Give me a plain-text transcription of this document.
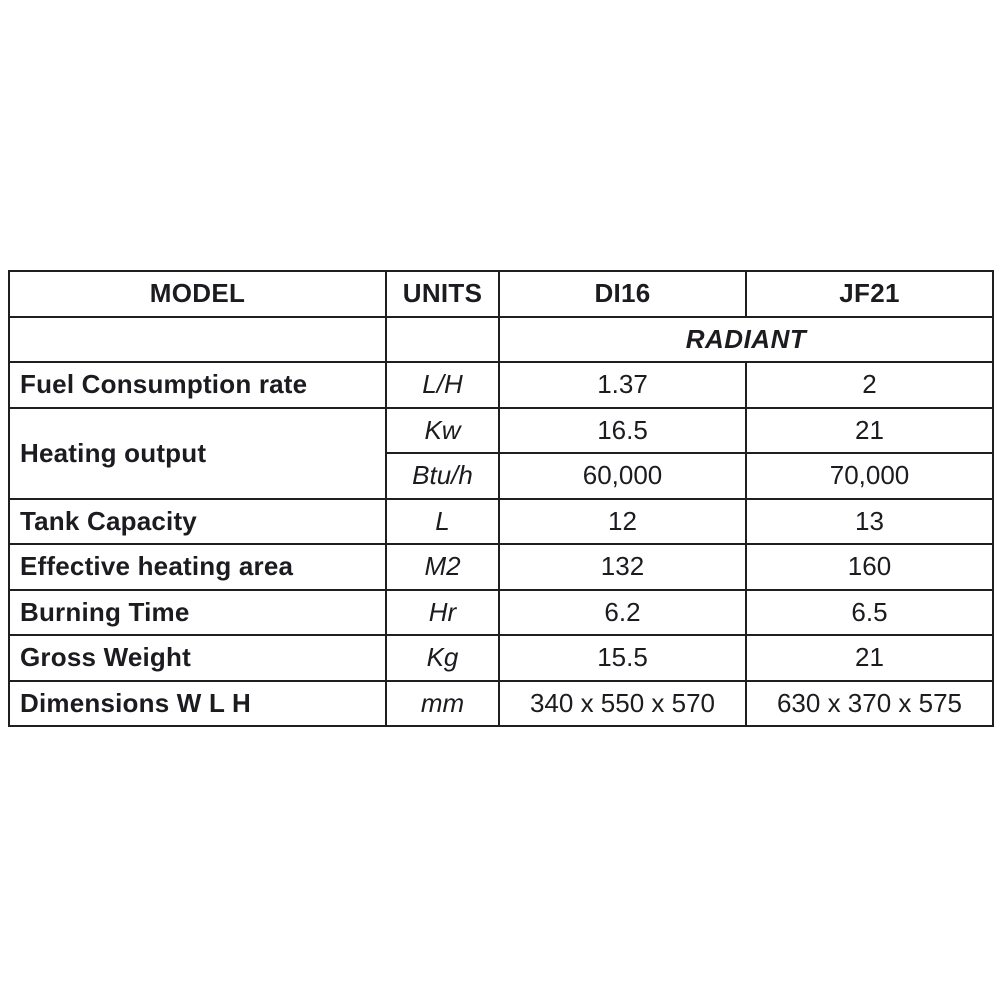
MODEL	UNITS	DI16	JF21
		RADIANT	
Fuel Consumption rate	L/H	1.37	2
Heating output	Kw	16.5	21
	Btu/h	60,000	70,000
Tank Capacity	L	12	13
Effective heating area	M2	132	160
Burning Time	Hr	6.2	6.5
Gross Weight	Kg	15.5	21
Dimensions W L H	mm	340 x 550 x 570	630 x 370 x 575
